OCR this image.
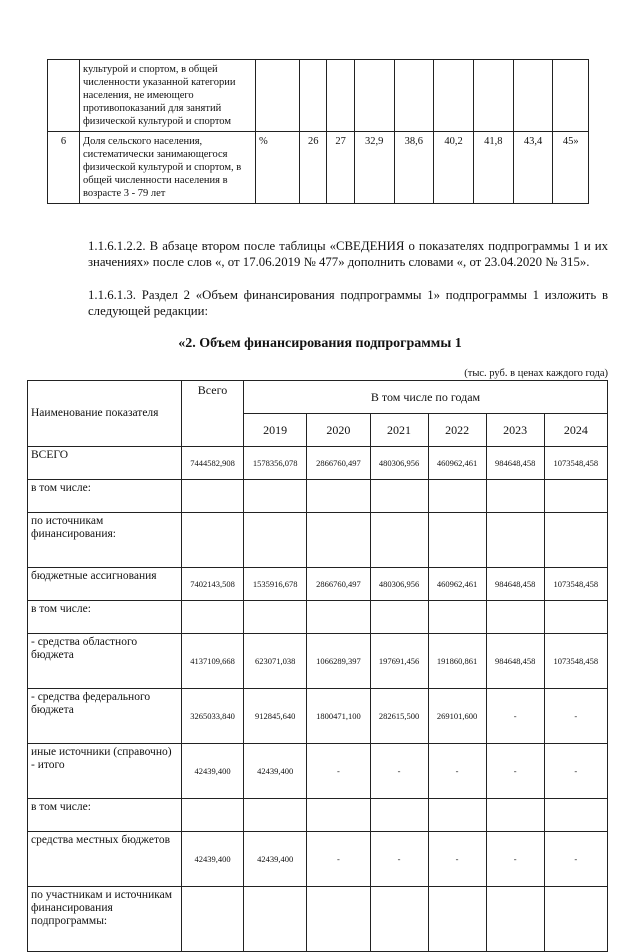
	культурой и спортом, в общей численности указанной категории населения, не имеющего противопоказаний для занятий физической культурой и спортом									
6	Доля сельского населения, систематически занимающегося физической культурой и спортом, в общей численности населения в возрасте 3 - 79 лет	%	26	27	32,9	38,6	40,2	41,8	43,4	45»
1.1.6.1.2.2. В абзаце втором после таблицы «СВЕДЕНИЯ о показателях подпрограммы 1 и их значениях» после слов «, от 17.06.2019 № 477» дополнить словами «, от 23.04.2020 № 315».
1.1.6.1.3. Раздел 2 «Объем финансирования подпрограммы 1» подпрограммы 1 изложить в следующей редакции:
«2. Объем финансирования подпрограммы 1
(тыс. руб. в ценах каждого года)
Наименование показателя	Всего	В том числе по годам					
		2019	2020	2021	2022	2023	2024
ВСЕГО	7444582,908	1578356,078	2866760,497	480306,956	460962,461	984648,458	1073548,458
в том числе:							
по источникам финансирования:							
бюджетные ассигнования	7402143,508	1535916,678	2866760,497	480306,956	460962,461	984648,458	1073548,458
в том числе:							
- средства областного бюджета	4137109,668	623071,038	1066289,397	197691,456	191860,861	984648,458	1073548,458
- средства федерального бюджета	3265033,840	912845,640	1800471,100	282615,500	269101,600	-	-
иные источники (справочно) - итого	42439,400	42439,400	-	-	-	-	-
в том числе:							
средства местных бюджетов	42439,400	42439,400	-	-	-	-	-
по участникам и источникам финансирования подпрограммы:							
